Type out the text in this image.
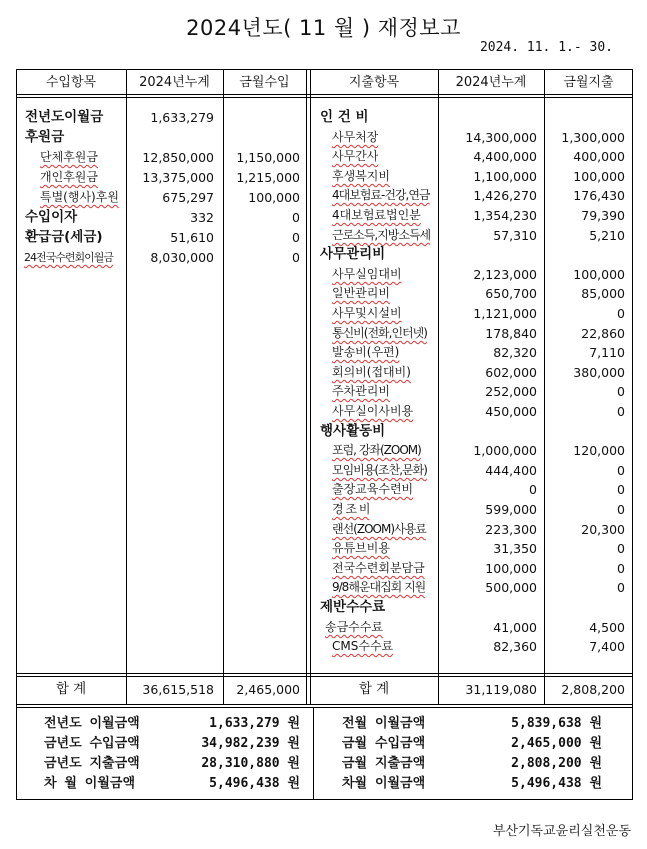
2024년도( 11 월 ) 재정보고
2024. 11. 1.- 30.
수입항목	2024년누계	금월수입	지출항목	2024년누계	금월지출
전년도이월금	1,633,279
후원금
단체후원금	12,850,000	1,150,000
개인후원금	13,375,000	1,215,000
특별(행사)후원	675,297	100,000
수입이자	332	0
환급금(세금)	51,610	0
24전국수련회이월금	8,030,000	0
인 건 비
사무처장	14,300,000	1,300,000
사무간사	4,400,000	400,000
후생복지비	1,100,000	100,000
4대보험료-건강,연금	1,426,270	176,430
4대보험료법인분	1,354,230	79,390
근로소득,지방소득세	57,310	5,210
사무관리비
사무실임대비	2,123,000	100,000
일반관리비	650,700	85,000
사무및시설비	1,121,000	0
통신비(전화,인터넷)	178,840	22,860
발송비(우편)	82,320	7,110
회의비(접대비)	602,000	380,000
주차관리비	252,000	0
사무실이사비용	450,000	0
행사활동비
포럼, 강좌(ZOOM)	1,000,000	120,000
모임비용(조찬,문화)	444,400	0
출장교육수련비	0	0
경 조 비	599,000	0
랜선(ZOOM)사용료	223,300	20,300
유튜브비용	31,350	0
전국수련회분담금	100,000	0
9/8해운대집회 지원	500,000	0
제반수수료
송금수수료	41,000	4,500
CMS수수료	82,360	7,400
합 계	36,615,518	2,465,000	합 계	31,119,080	2,808,200
전년도 이월금액	1,633,279 원
금년도 수입금액	34,982,239 원
금년도 지출금액	28,310,880 원
차 월 이월금액	5,496,438 원
전월 이월금액	5,839,638 원
금월 수입금액	2,465,000 원
금월 지출금액	2,808,200 원
차월 이월금액	5,496,438 원
부산기독교윤리실천운동
